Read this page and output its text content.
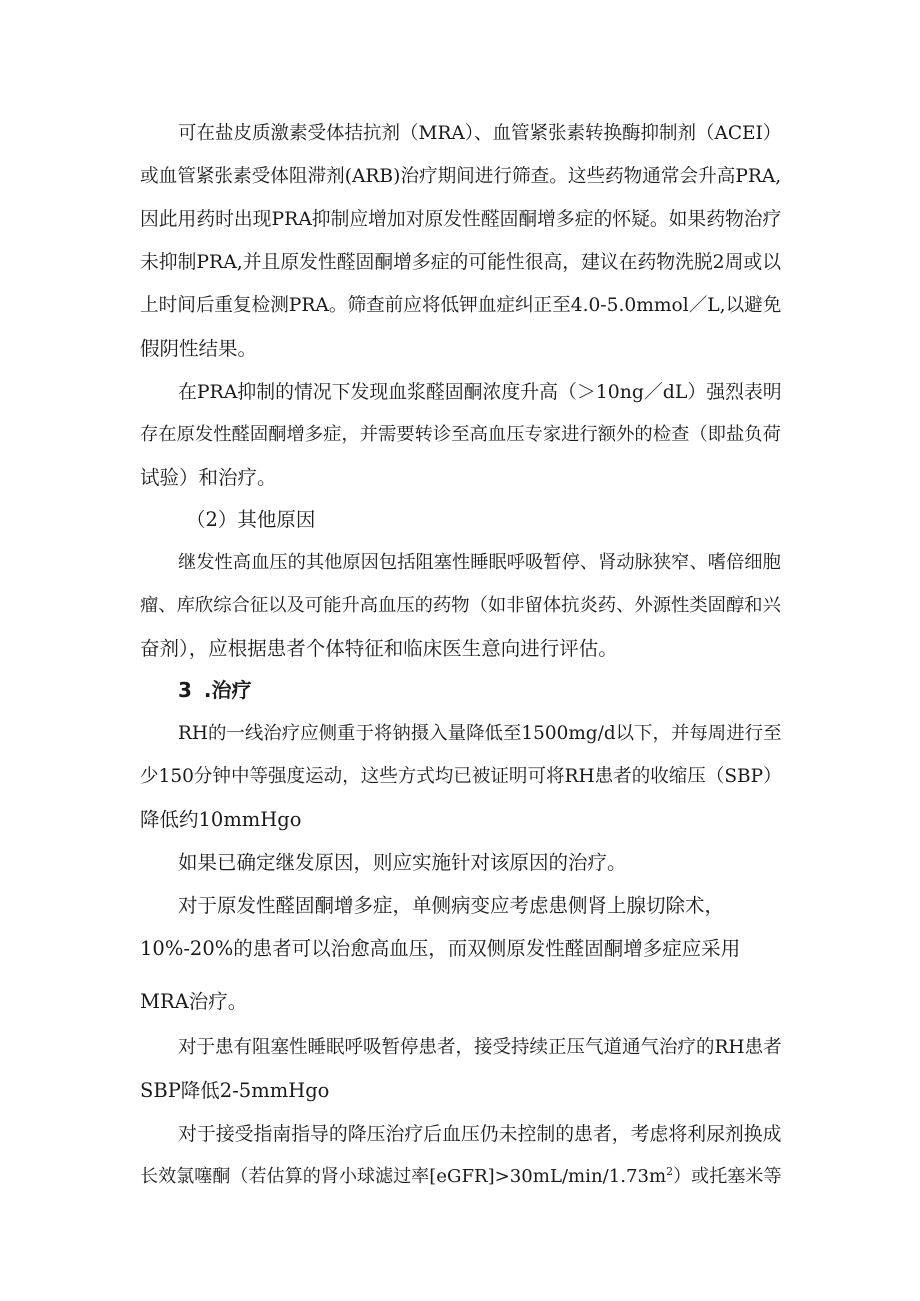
可在盐皮质激素受体拮抗剂（MRA）、血管紧张素转换酶抑制剂（ACEI）
或血管紧张素受体阻滞剂(ARB)治疗期间进行筛查。这些药物通常会升高PRA,
因此用药时出现PRA抑制应增加对原发性醛固酮增多症的怀疑。如果药物治疗
未抑制PRA,并且原发性醛固酮增多症的可能性很高，建议在药物洗脱2周或以
上时间后重复检测PRA。筛查前应将低钾血症纠正至4.0-5.0mmol／L,以避免
假阴性结果。
在PRA抑制的情况下发现血浆醛固酮浓度升高（＞10ng／dL）强烈表明
存在原发性醛固酮增多症，并需要转诊至高血压专家进行额外的检查（即盐负荷
试验）和治疗。
（2）其他原因
继发性高血压的其他原因包括阻塞性睡眠呼吸暂停、肾动脉狭窄、嗜倍细胞
瘤、库欣综合征以及可能升高血压的药物（如非留体抗炎药、外源性类固醇和兴
奋剂），应根据患者个体特征和临床医生意向进行评估。
3 .治疗
RH的一线治疗应侧重于将钠摄入量降低至1500mg/d以下，并每周进行至
少150分钟中等强度运动，这些方式均已被证明可将RH患者的收缩压（SBP）
降低约10mmHgo
如果已确定继发原因，则应实施针对该原因的治疗。
对于原发性醛固酮增多症，单侧病变应考虑患侧肾上腺切除术，
10%-20%的患者可以治愈高血压，而双侧原发性醛固酮增多症应采用
MRA治疗。
对于患有阻塞性睡眠呼吸暂停患者，接受持续正压气道通气治疗的RH患者
SBP降低2-5mmHgo
对于接受指南指导的降压治疗后血压仍未控制的患者，考虑将利尿剂换成
长效氯噻酮（若估算的肾小球滤过率$[eGFR]>30mL/\min/1.73m^2$）或托塞米等
